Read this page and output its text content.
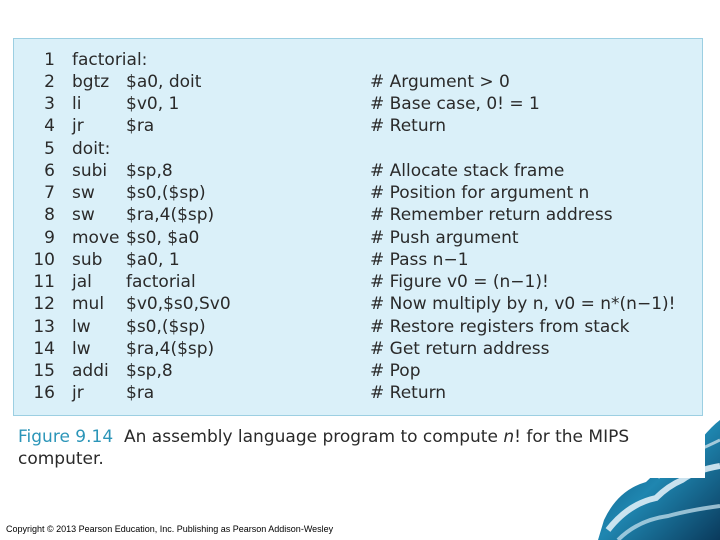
1 factorial:
2 bgtz $a0, doit	# Argument > 0
3 li	$v0, 1	# Base case, 0! = 1
4 jr $ra	# Return
5 doit:
6 subi $sp,8	# Allocate stack frame
7 sw $s0,($sp)	# Position for argument n
8 sw $ra,4($sp)	# Remember return address
9 move $s0, $a0	# Push argument
10 sub $a0, 1	# Pass n−1
11 jal factorial	# Figure v0 = (n−1)!
12 mul $v0,$s0,Sv0	# Now multiply by n, v0 = n*(n−1)!
13 lw $s0,($sp)	# Restore registers from stack
14 lw $ra,4($sp)	# Get return address
15 addi $sp,8	# Pop
16 jr $ra	# Return
Figure 9.14 An assembly language program to compute n! for the MIPS computer.
Copyright © 2013 Pearson Education, Inc. Publishing as Pearson Addison-Wesley
